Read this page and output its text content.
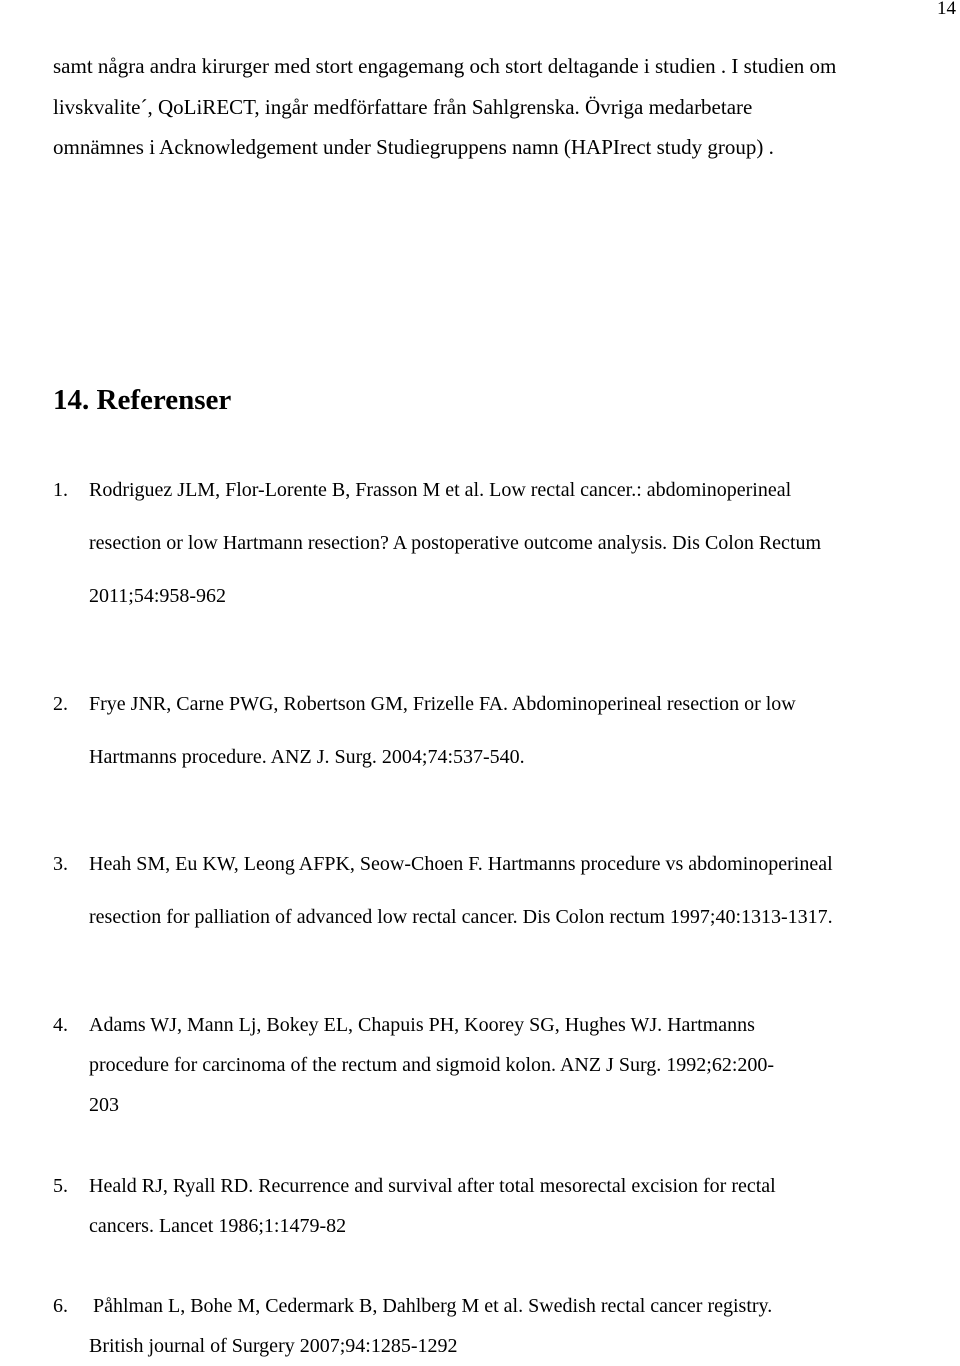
14
samt några andra kirurger med stort engagemang och stort deltagande i studien . I studien om
livskvalite´, QoLiRECT, ingår medförfattare från Sahlgrenska. Övriga medarbetare
omnämnes i Acknowledgement under Studiegruppens namn (HAPIrect study group) .
14. Referenser
1.	Rodriguez JLM, Flor-Lorente B, Frasson M et al. Low rectal cancer.: abdominoperineal
resection or low Hartmann resection? A postoperative outcome analysis. Dis Colon Rectum
2011;54:958-962
2.	Frye JNR, Carne PWG, Robertson GM, Frizelle FA. Abdominoperineal resection or low
Hartmanns procedure. ANZ J. Surg. 2004;74:537-540.
3.	Heah SM, Eu KW, Leong AFPK, Seow-Choen F. Hartmanns procedure vs abdominoperineal
resection for palliation of advanced low rectal cancer. Dis Colon rectum 1997;40:1313-1317.
4.	Adams WJ, Mann Lj, Bokey EL, Chapuis PH, Koorey SG, Hughes WJ. Hartmanns
procedure for carcinoma of the rectum and sigmoid kolon. ANZ J Surg. 1992;62:200-
203
5.	Heald RJ, Ryall RD. Recurrence and survival after total mesorectal excision for rectal
cancers. Lancet 1986;1:1479-82
6.	Påhlman L, Bohe M, Cedermark B, Dahlberg M et al. Swedish rectal cancer registry.
British journal of Surgery 2007;94:1285-1292
